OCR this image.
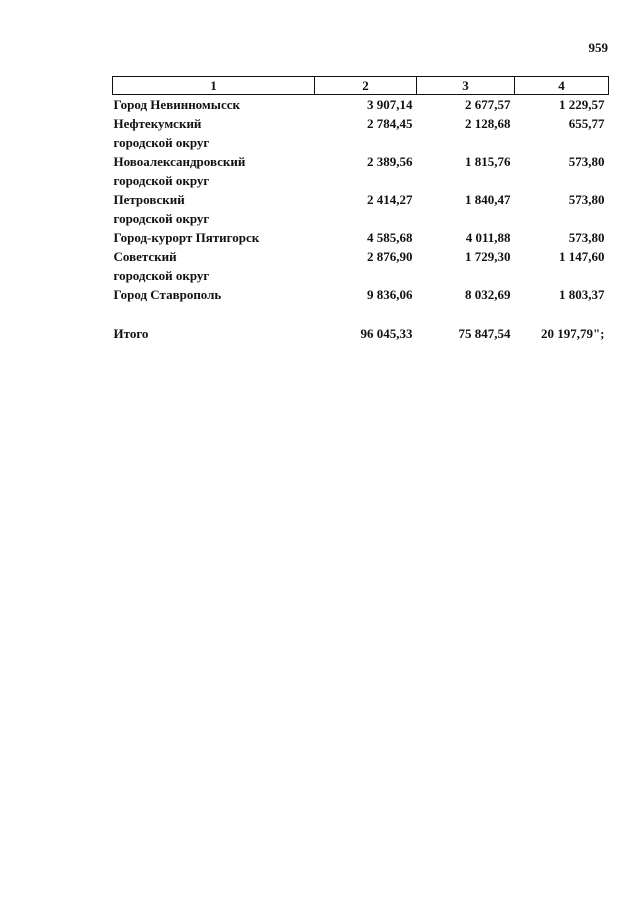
959
1	2	3	4

Город Невинномысск	3 907,14	2 677,57	1 229,57

Нефтекумский
городской округ	2 784,45	2 128,68	655,77

Новоалександровский
городской округ	2 389,56	1 815,76	573,80

Петровский
городской округ	2 414,27	1 840,47	573,80

Город-курорт Пятигорск	4 585,68	4 011,88	573,80

Советский
городской округ	2 876,90	1 729,30	1 147,60

Город Ставрополь	9 836,06	8 032,69	1 803,37

Итого	96 045,33	75 847,54	20 197,79";
